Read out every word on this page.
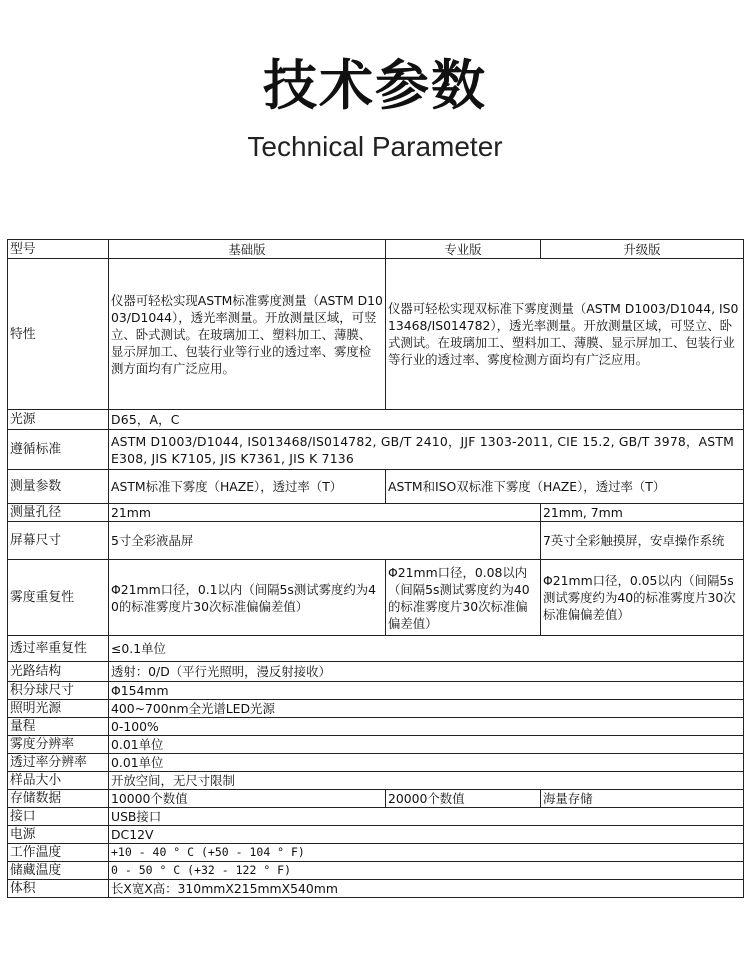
技术参数
Technical Parameter
型号	基础版	专业版	升级版
特性	仪器可轻松实现ASTM标准雾度测量（ASTM D1003/D1044），透光率测量。开放测量区域，可竖立、卧式测试。在玻璃加工、塑料加工、薄膜、显示屏加工、包装行业等行业的透过率、雾度检测方面均有广泛应用。	仪器可轻松实现双标准下雾度测量（ASTM D1003/D1044, IS013468/IS014782），透光率测量。开放测量区域，可竖立、卧式测试。在玻璃加工、塑料加工、薄膜、显示屏加工、包装行业等行业的透过率、雾度检测方面均有广泛应用。	
光源	D65，A，C		
遵循标准	ASTM D1003/D1044, IS013468/IS014782, GB/T 2410，JJF 1303-2011, CIE 15.2, GB/T 3978，ASTM E308, JIS K7105, JIS K7361, JIS K 7136		
测量参数	ASTM标准下雾度（HAZE），透过率（T）	ASTM和ISO双标准下雾度（HAZE），透过率（T）	
测量孔径	21mm		21mm, 7mm
屏幕尺寸	5寸全彩液晶屏		7英寸全彩触摸屏，安卓操作系统
雾度重复性	Φ21mm口径，0.1以内（间隔5s测试雾度约为40的标准雾度片30次标准偏偏差值）	Φ21mm口径，0.08以内（间隔5s测试雾度约为40的标准雾度片30次标准偏偏差值）	Φ21mm口径，0.05以内（间隔5s测试雾度约为40的标准雾度片30次标准偏偏差值）
透过率重复性	≤0.1单位		
光路结构	透射：0/D（平行光照明，漫反射接收）		
积分球尺寸	Φ154mm		
照明光源	400~700nm全光谱LED光源		
量程	0-100%		
雾度分辨率	0.01单位		
透过率分辨率	0.01单位		
样品大小	开放空间，无尺寸限制		
存储数据	10000个数值	20000个数值	海量存储
接口	USB接口		
电源	DC12V		
工作温度	+10 - 40 ° C (+50 - 104 ° F)		
储藏温度	0 - 50 ° C (+32 - 122 ° F)		
体积	长X宽X高：310mmX215mmX540mm		
